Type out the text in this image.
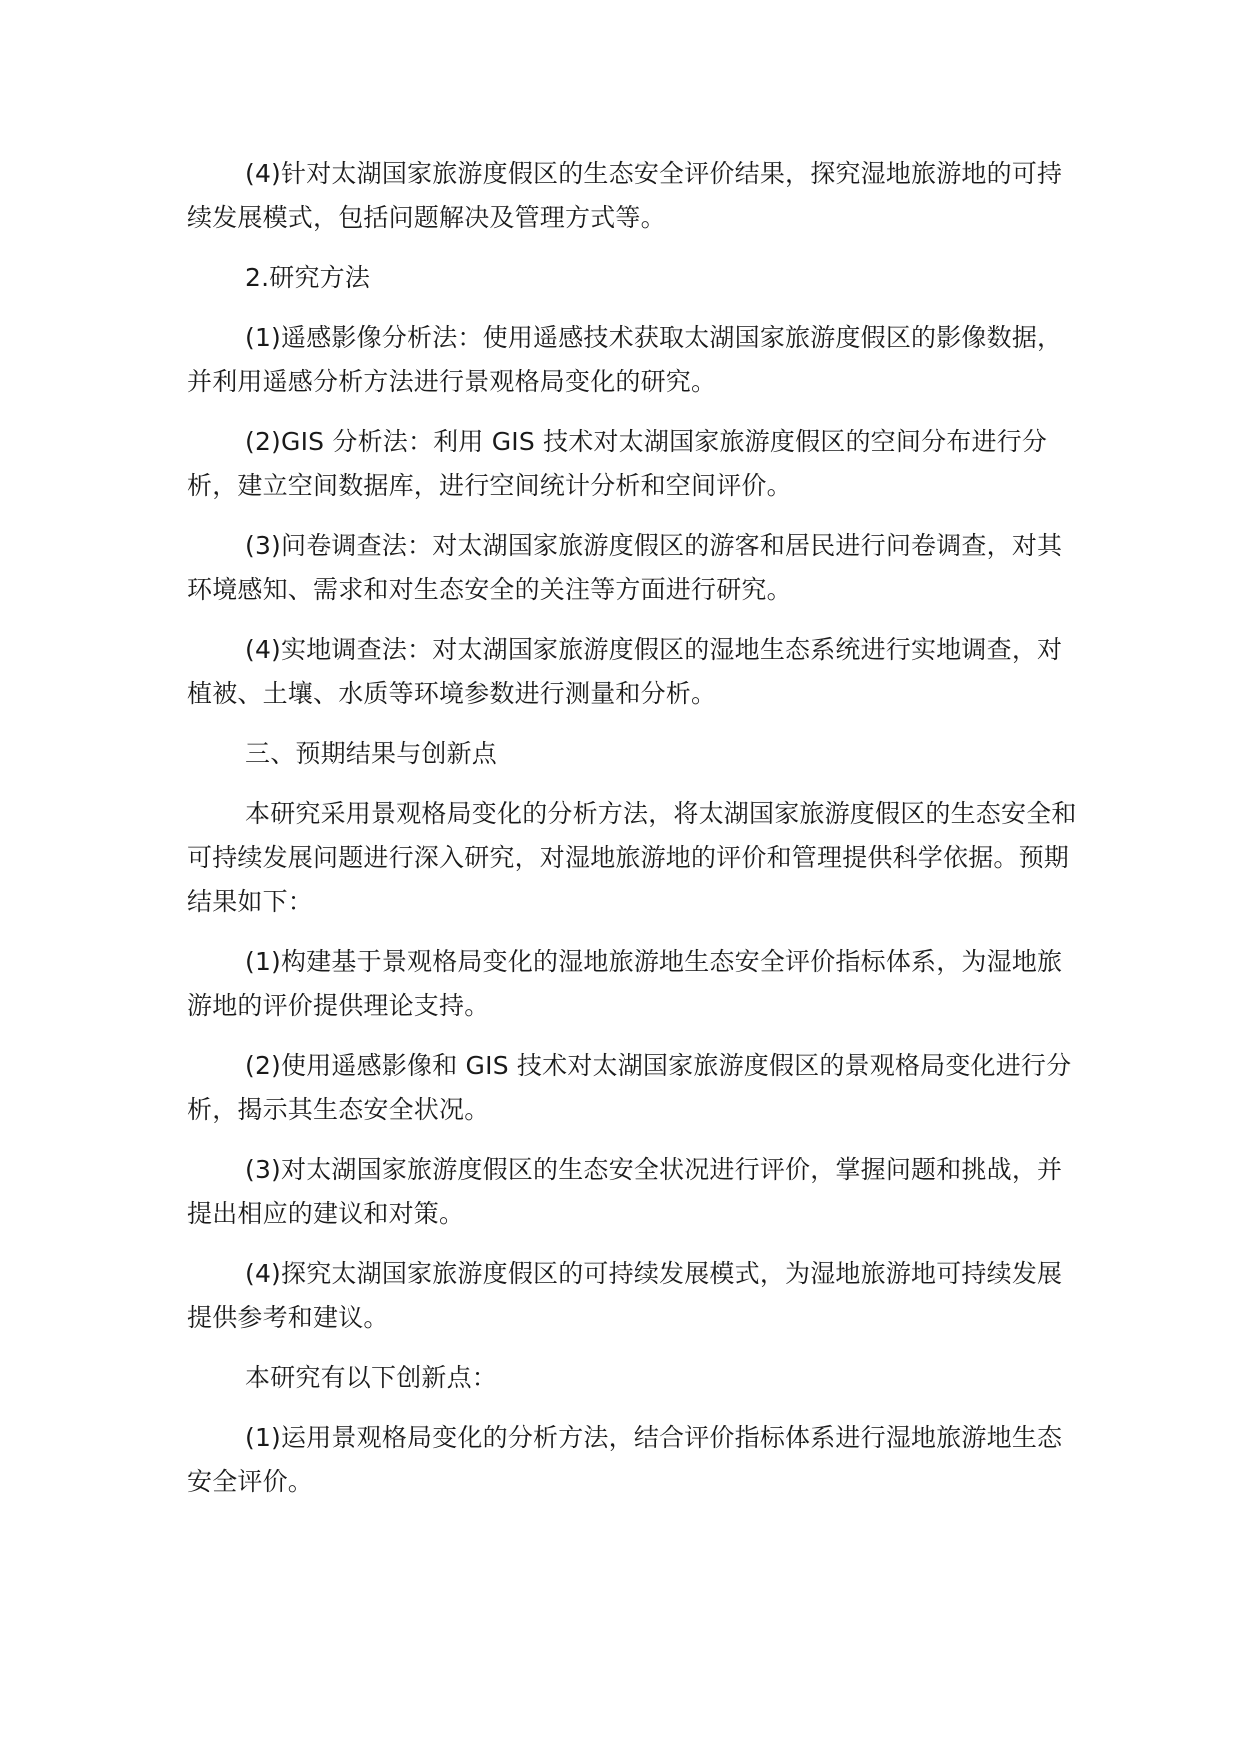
(4)针对太湖国家旅游度假区的生态安全评价结果，探究湿地旅游地的可持续发展模式，包括问题解决及管理方式等。

2.研究方法

(1)遥感影像分析法：使用遥感技术获取太湖国家旅游度假区的影像数据，并利用遥感分析方法进行景观格局变化的研究。

(2)GIS 分析法：利用 GIS 技术对太湖国家旅游度假区的空间分布进行分析，建立空间数据库，进行空间统计分析和空间评价。

(3)问卷调查法：对太湖国家旅游度假区的游客和居民进行问卷调查，对其环境感知、需求和对生态安全的关注等方面进行研究。

(4)实地调查法：对太湖国家旅游度假区的湿地生态系统进行实地调查，对植被、土壤、水质等环境参数进行测量和分析。

三、预期结果与创新点

本研究采用景观格局变化的分析方法，将太湖国家旅游度假区的生态安全和可持续发展问题进行深入研究，对湿地旅游地的评价和管理提供科学依据。预期结果如下：

(1)构建基于景观格局变化的湿地旅游地生态安全评价指标体系，为湿地旅游地的评价提供理论支持。

(2)使用遥感影像和 GIS 技术对太湖国家旅游度假区的景观格局变化进行分析，揭示其生态安全状况。

(3)对太湖国家旅游度假区的生态安全状况进行评价，掌握问题和挑战，并提出相应的建议和对策。

(4)探究太湖国家旅游度假区的可持续发展模式，为湿地旅游地可持续发展提供参考和建议。

本研究有以下创新点：

(1)运用景观格局变化的分析方法，结合评价指标体系进行湿地旅游地生态安全评价。
